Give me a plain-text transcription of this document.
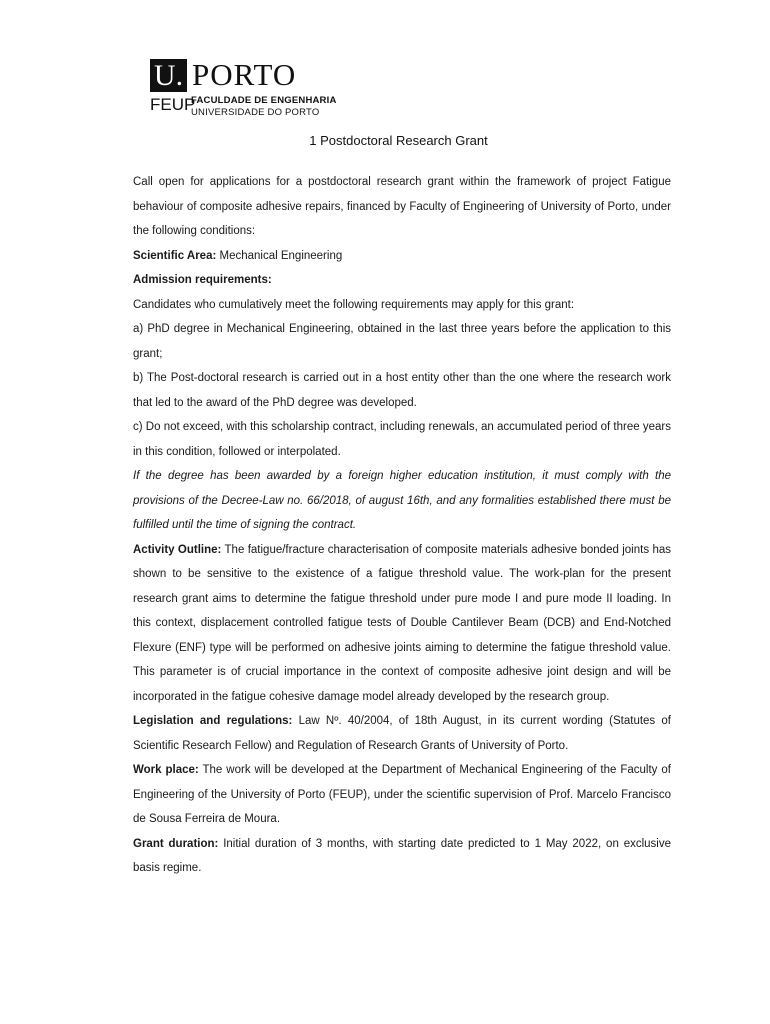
U. PORTO
FEUP
FACULDADE DE ENGENHARIA
UNIVERSIDADE DO PORTO
1 Postdoctoral Research Grant

Call open for applications for a postdoctoral research grant within the framework of project Fatigue behaviour of composite adhesive repairs, financed by Faculty of Engineering of University of Porto, under the following conditions:

Scientific Area: Mechanical Engineering

Admission requirements:

Candidates who cumulatively meet the following requirements may apply for this grant:

a) PhD degree in Mechanical Engineering, obtained in the last three years before the application to this grant;

b) The Post-doctoral research is carried out in a host entity other than the one where the research work that led to the award of the PhD degree was developed.

c) Do not exceed, with this scholarship contract, including renewals, an accumulated period of three years in this condition, followed or interpolated.

If the degree has been awarded by a foreign higher education institution, it must comply with the provisions of the Decree-Law no. 66/2018, of august 16th, and any formalities established there must be fulfilled until the time of signing the contract.

Activity Outline: The fatigue/fracture characterisation of composite materials adhesive bonded joints has shown to be sensitive to the existence of a fatigue threshold value. The work-plan for the present research grant aims to determine the fatigue threshold under pure mode I and pure mode II loading. In this context, displacement controlled fatigue tests of Double Cantilever Beam (DCB) and End-Notched Flexure (ENF) type will be performed on adhesive joints aiming to determine the fatigue threshold value. This parameter is of crucial importance in the context of composite adhesive joint design and will be incorporated in the fatigue cohesive damage model already developed by the research group.

Legislation and regulations: Law Nº. 40/2004, of 18th August, in its current wording (Statutes of Scientific Research Fellow) and Regulation of Research Grants of University of Porto.

Work place: The work will be developed at the Department of Mechanical Engineering of the Faculty of Engineering of the University of Porto (FEUP), under the scientific supervision of Prof. Marcelo Francisco de Sousa Ferreira de Moura.

Grant duration: Initial duration of 3 months, with starting date predicted to 1 May 2022, on exclusive basis regime.
